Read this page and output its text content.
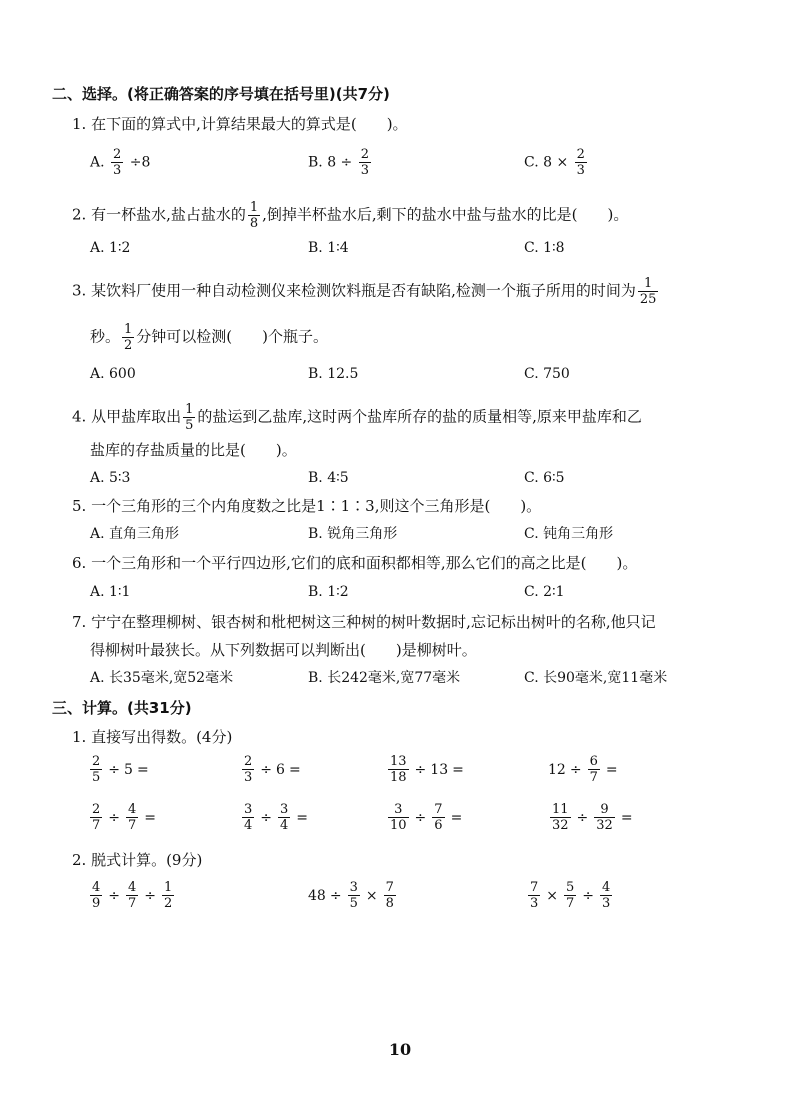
二、选择。(将正确答案的序号填在括号里)(共7分)
1. 在下面的算式中,计算结果最大的算式是(　　)。
A. $\frac{2}{3} \div 8$	B. $8 \div \frac{2}{3}$	C. $8 \times \frac{2}{3}$
2. 有一杯盐水,盐占盐水的 $\frac{1}{8}$ ,倒掉半杯盐水后,剩下的盐水中盐与盐水的比是(　　)。
A. 1∶2	B. 1∶4	C. 1∶8
3. 某饮料厂使用一种自动检测仪来检测饮料瓶是否有缺陷,检测一个瓶子所用的时间为 $\frac{1}{25}$
秒。 $\frac{1}{2}$ 分钟可以检测(　　)个瓶子。
A. 600	B. 12.5	C. 750
4. 从甲盐库取出 $\frac{1}{5}$ 的盐运到乙盐库,这时两个盐库所存的盐的质量相等,原来甲盐库和乙
盐库的存盐质量的比是(　　)。
A. 5∶3	B. 4∶5	C. 6∶5
5. 一个三角形的三个内角度数之比是1∶1∶3,则这个三角形是(　　)。
A. 直角三角形	B. 锐角三角形	C. 钝角三角形
6. 一个三角形和一个平行四边形,它们的底和面积都相等,那么它们的高之比是(　　)。
A. 1∶1	B. 1∶2	C. 2∶1
7. 宁宁在整理柳树、银杏树和枇杷树这三种树的树叶数据时,忘记标出树叶的名称,他只记
得柳树叶最狭长。从下列数据可以判断出(　　)是柳树叶。
A. 长35毫米,宽52毫米	B. 长242毫米,宽77毫米	C. 长90毫米,宽11毫米
三、计算。(共31分)
1. 直接写出得数。(4分)
$\frac{2}{5} \div 5$ =	$\frac{2}{3} \div 6$ =	$\frac{13}{18} \div 13$ =	$12 \div \frac{6}{7}$ =
$\frac{2}{7} \div \frac{4}{7}$ =	$\frac{3}{4} \div \frac{3}{4}$ =	$\frac{3}{10} \div \frac{7}{6}$ =	$\frac{11}{32} \div \frac{9}{32}$ =
2. 脱式计算。(9分)
$\frac{4}{9} \div \frac{4}{7} \div \frac{1}{2}$	$48 \div \frac{3}{5} \times \frac{7}{8}$	$\frac{7}{3} \times \frac{5}{7} \div \frac{4}{3}$
10
